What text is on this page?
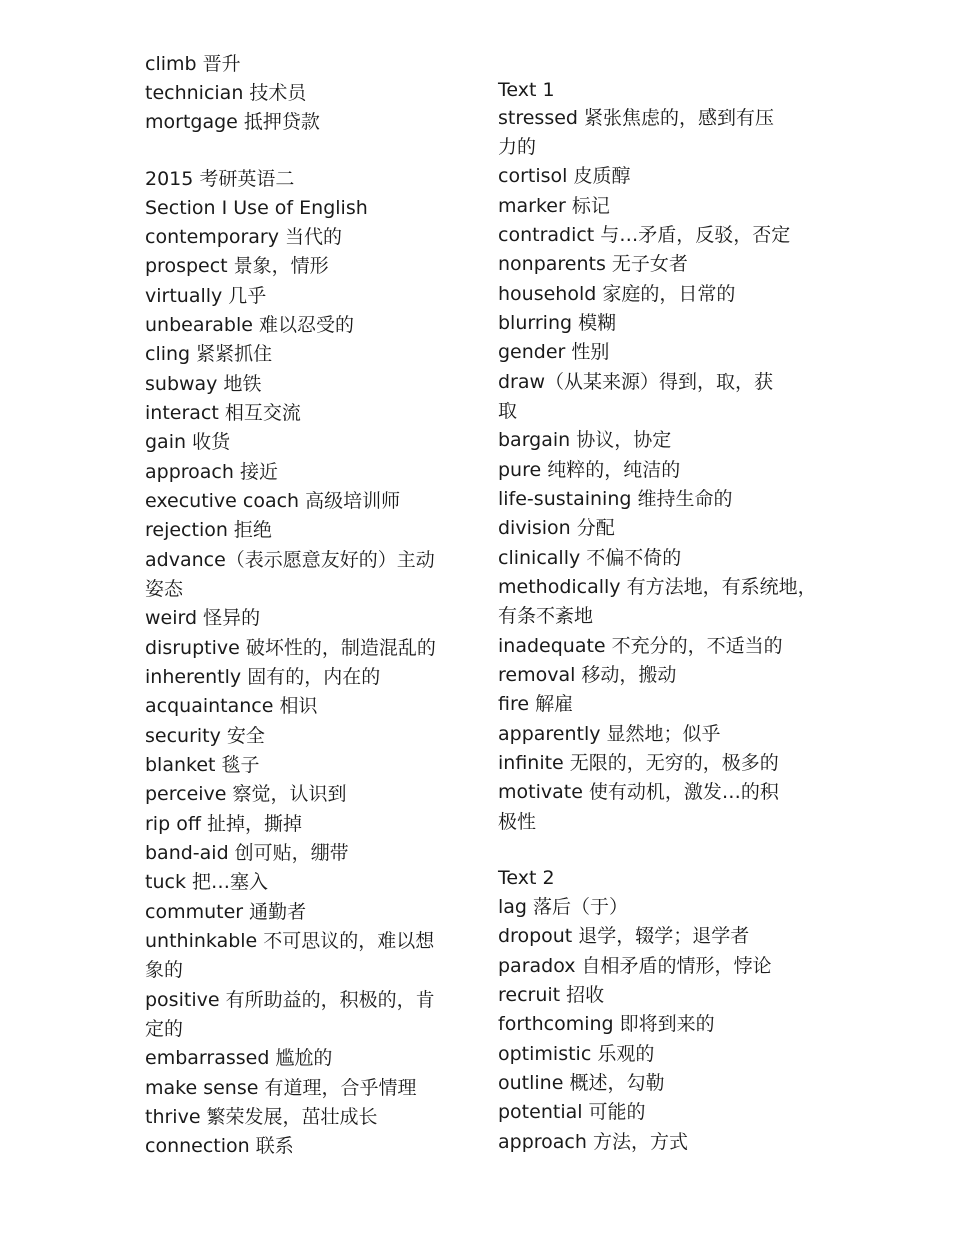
climb 晋升
technician 技术员
mortgage 抵押贷款
2015 考研英语二
Section Ⅰ Use of English
contemporary 当代的
prospect 景象，情形
virtually 几乎
unbearable 难以忍受的
cling 紧紧抓住
subway 地铁
interact 相互交流
gain 收货
approach 接近
executive coach 高级培训师
rejection 拒绝
advance（表示愿意友好的）主动
姿态
weird 怪异的
disruptive 破坏性的，制造混乱的
inherently 固有的，内在的
acquaintance 相识
security 安全
blanket 毯子
perceive 察觉，认识到
rip off 扯掉，撕掉
band-aid 创可贴，绷带
tuck 把…塞入
commuter 通勤者
unthinkable 不可思议的，难以想
象的
positive 有所助益的，积极的，肯
定的
embarrassed 尴尬的
make sense 有道理，合乎情理
thrive 繁荣发展，茁壮成长
connection 联系
Text 1
stressed 紧张焦虑的，感到有压
力的
cortisol 皮质醇
marker 标记
contradict 与…矛盾，反驳，否定
nonparents 无子女者
household 家庭的，日常的
blurring 模糊
gender 性别
draw（从某来源）得到，取，获
取
bargain 协议，协定
pure 纯粹的，纯洁的
life-sustaining 维持生命的
division 分配
clinically 不偏不倚的
methodically 有方法地，有系统地，
有条不紊地
inadequate 不充分的，不适当的
removal 移动，搬动
fire 解雇
apparently 显然地；似乎
infinite 无限的，无穷的，极多的
motivate 使有动机，激发…的积
极性
Text 2
lag 落后（于）
dropout 退学，辍学；退学者
paradox 自相矛盾的情形，悖论
recruit 招收
forthcoming 即将到来的
optimistic 乐观的
outline 概述，勾勒
potential 可能的
approach 方法，方式
